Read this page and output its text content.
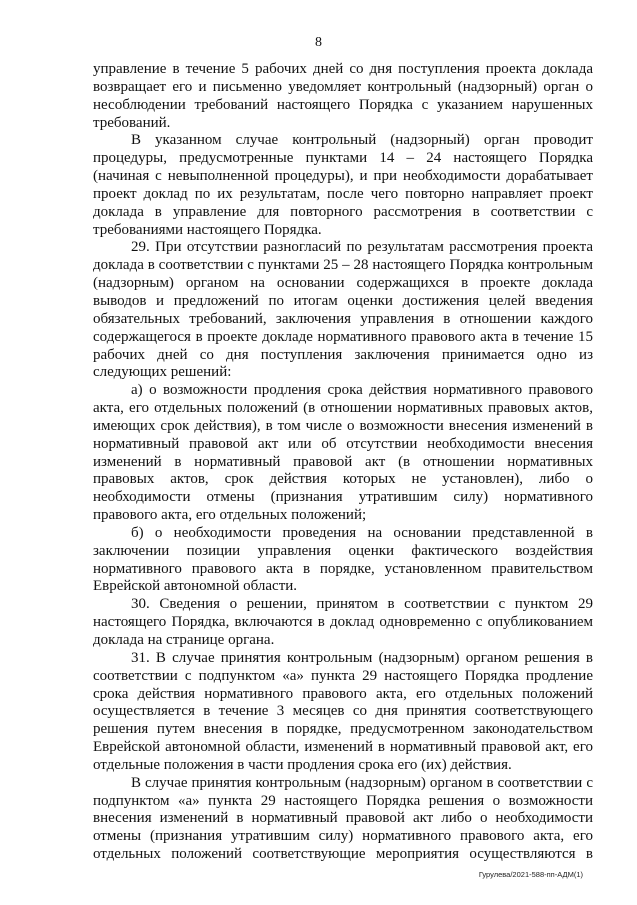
8
управление в течение 5 рабочих дней со дня поступления проекта доклада
возвращает его и письменно уведомляет контрольный (надзорный) орган о
несоблюдении требований настоящего Порядка с указанием нарушенных
требований.
В указанном случае контрольный (надзорный) орган проводит
процедуры, предусмотренные пунктами 14 – 24 настоящего Порядка
(начиная с невыполненной процедуры), и при необходимости дорабатывает
проект доклад по их результатам, после чего повторно направляет проект
доклада в управление для повторного рассмотрения в соответствии с
требованиями настоящего Порядка.
29. При отсутствии разногласий по результатам рассмотрения проекта
доклада в соответствии с пунктами 25 – 28 настоящего Порядка контрольным
(надзорным) органом на основании содержащихся в проекте доклада
выводов и предложений по итогам оценки достижения целей введения
обязательных требований, заключения управления в отношении каждого
содержащегося в проекте докладе нормативного правового акта в течение 15
рабочих дней со дня поступления заключения принимается одно из
следующих решений:
а) о возможности продления срока действия нормативного правового
акта, его отдельных положений (в отношении нормативных правовых актов,
имеющих срок действия), в том числе о возможности внесения изменений в
нормативный правовой акт или об отсутствии необходимости внесения
изменений в нормативный правовой акт (в отношении нормативных
правовых актов, срок действия которых не установлен), либо о
необходимости отмены (признания утратившим силу) нормативного
правового акта, его отдельных положений;
б) о необходимости проведения на основании представленной в
заключении позиции управления оценки фактического воздействия
нормативного правового акта в порядке, установленном правительством
Еврейской автономной области.
30. Сведения о решении, принятом в соответствии с пунктом 29
настоящего Порядка, включаются в доклад одновременно с опубликованием
доклада на странице органа.
31. В случае принятия контрольным (надзорным) органом решения в
соответствии с подпунктом «а» пункта 29 настоящего Порядка продление
срока действия нормативного правового акта, его отдельных положений
осуществляется в течение 3 месяцев со дня принятия соответствующего
решения путем внесения в порядке, предусмотренном законодательством
Еврейской автономной области, изменений в нормативный правовой акт, его
отдельные положения в части продления срока его (их) действия.
В случае принятия контрольным (надзорным) органом в соответствии с
подпунктом «а» пункта 29 настоящего Порядка решения о возможности
внесения изменений в нормативный правовой акт либо о необходимости
отмены (признания утратившим силу) нормативного правового акта, его
отдельных положений соответствующие мероприятия осуществляются в
Гурулева/2021-588-пп-АДМ(1)
